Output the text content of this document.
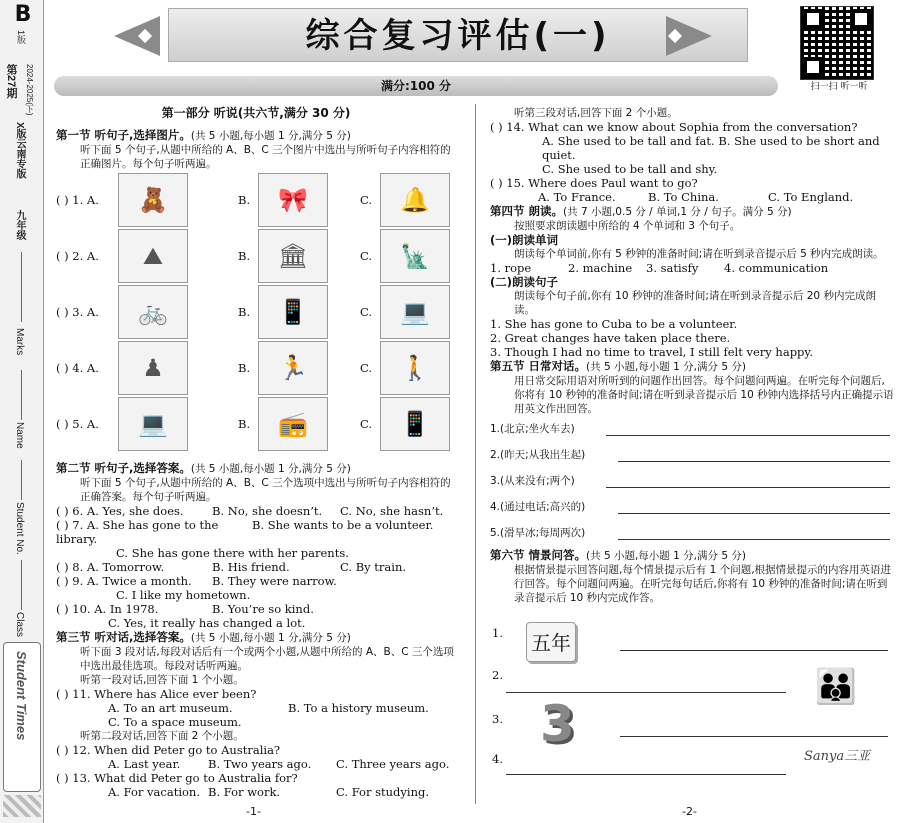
B
1版
第27期	2024-2025(下)
X版云南专版
九年级
Marks
Name
Student No.
Class
Student Times
综合复习评估(一)
满分:100 分	扫一扫 听一听
第一部分 听说(共六节,满分 30 分)
第一节 听句子,选择图片。(共 5 小题,每小题 1 分,满分 5 分)
听下面 5 个句子,从题中所给的 A、B、C 三个图片中选出与所听句子内容相符的正确图片。每个句子听两遍。
( ) 1. A.	🧸	B.	🎀	C.	🔔
( ) 2. A.	⛰	B.	🏛	C.	🗽
( ) 3. A.	🚲	B.	📱	C.	💻
( ) 4. A.	♟	B.	🏃	C.	🚶
( ) 5. A.	💻	B.	📻	C.	📱
第二节 听句子,选择答案。(共 5 小题,每小题 1 分,满分 5 分)
听下面 5 个句子,从题中所给的 A、B、C 三个选项中选出与所听句子内容相符的正确答案。每个句子听两遍。
( ) 6. A. Yes, she does.	B. No, she doesn’t.	C. No, she hasn’t.
( ) 7. A. She has gone to the library.
B. She wants to be a volunteer.
C. She has gone there with her parents.
( ) 8. A. Tomorrow.	B. His friend.	C. By train.
( ) 9. A. Twice a month.	B. They were narrow.
C. I like my hometown.
( ) 10. A. In 1978.	B. You’re so kind.
C. Yes, it really has changed a lot.
第三节 听对话,选择答案。(共 5 小题,每小题 1 分,满分 5 分)
听下面 3 段对话,每段对话后有一个或两个小题,从题中所给的 A、B、C 三个选项中选出最佳选项。每段对话听两遍。
听第一段对话,回答下面 1 个小题。
( ) 11. Where has Alice ever been?
A. To an art museum.	B. To a history museum.
C. To a space museum.
听第二段对话,回答下面 2 个小题。
( ) 12. When did Peter go to Australia?
A. Last year.	B. Two years ago.	C. Three years ago.
( ) 13. What did Peter go to Australia for?
A. For vacation. B. For work.	C. For studying.
-1-
听第三段对话,回答下面 2 个小题。
( ) 14. What can we know about Sophia from the conversation?
A. She used to be tall and fat. B. She used to be short and quiet.
C. She used to be tall and shy.
( ) 15. Where does Paul want to go?
A. To France.	B. To China.	C. To England.
第四节 朗读。(共 7 小题,0.5 分 / 单词,1 分 / 句子。满分 5 分)
按照要求朗读题中所给的 4 个单词和 3 个句子。
(一)朗读单词
朗读每个单词前,你有 5 秒钟的准备时间;请在听到录音提示后 5 秒内完成朗读。
1. rope	2. machine	3. satisfy	4. communication
(二)朗读句子
朗读每个句子前,你有 10 秒钟的准备时间;请在听到录音提示后 20 秒内完成朗读。
1. She has gone to Cuba to be a volunteer.
2. Great changes have taken place there.
3. Though I had no time to travel, I still felt very happy.
第五节 日常对话。(共 5 小题,每小题 1 分,满分 5 分)
用日常交际用语对所听到的问题作出回答。每个问题问两遍。在听完每个问题后,你将有 10 秒钟的准备时间;请在听到录音提示后 10 秒钟内选择括号内正确提示语用英文作出回答。
1.(北京;坐火车去)
2.(昨天;从我出生起)
3.(从来没有;两个)
4.(通过电话;高兴的)
5.(滑旱冰;每周两次)
第六节 情景问答。(共 5 小题,每小题 1 分,满分 5 分)
根据情景提示回答问题,每个情景提示后有 1 个问题,根据情景提示的内容用英语进行回答。每个问题问两遍。在听完每句话后,你将有 10 秒钟的准备时间;请在听到录音提示后 10 秒内完成作答。
1. 五年
2.	👪
3. 3
4.	Sanya三亚
-2-
